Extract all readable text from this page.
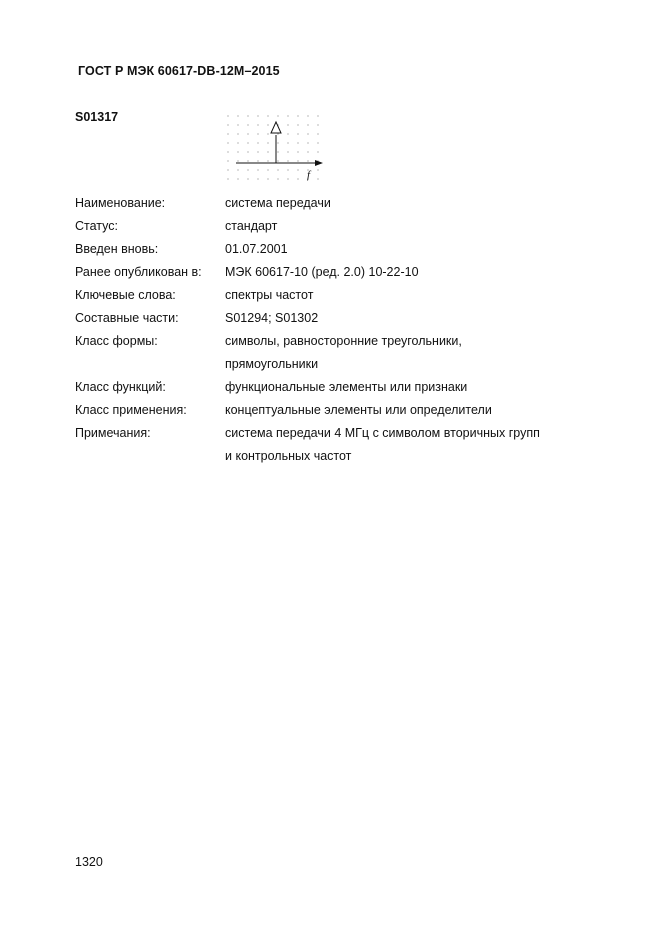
ГОСТ Р МЭК 60617-DB-12M–2015
S01317
f
Наименование:	система передачи
Статус:	стандарт
Введен вновь:	01.07.2001
Ранее опубликован в:	МЭК 60617-10 (ред. 2.0) 10-22-10
Ключевые слова:	спектры частот
Составные части:	S01294; S01302
Класс формы:	символы, равносторонние треугольники,
прямоугольники
Класс функций:	функциональные элементы или признаки
Класс применения:	концептуальные элементы или определители
Примечания:	система передачи 4 МГц с символом вторичных групп
и контрольных частот
1320
